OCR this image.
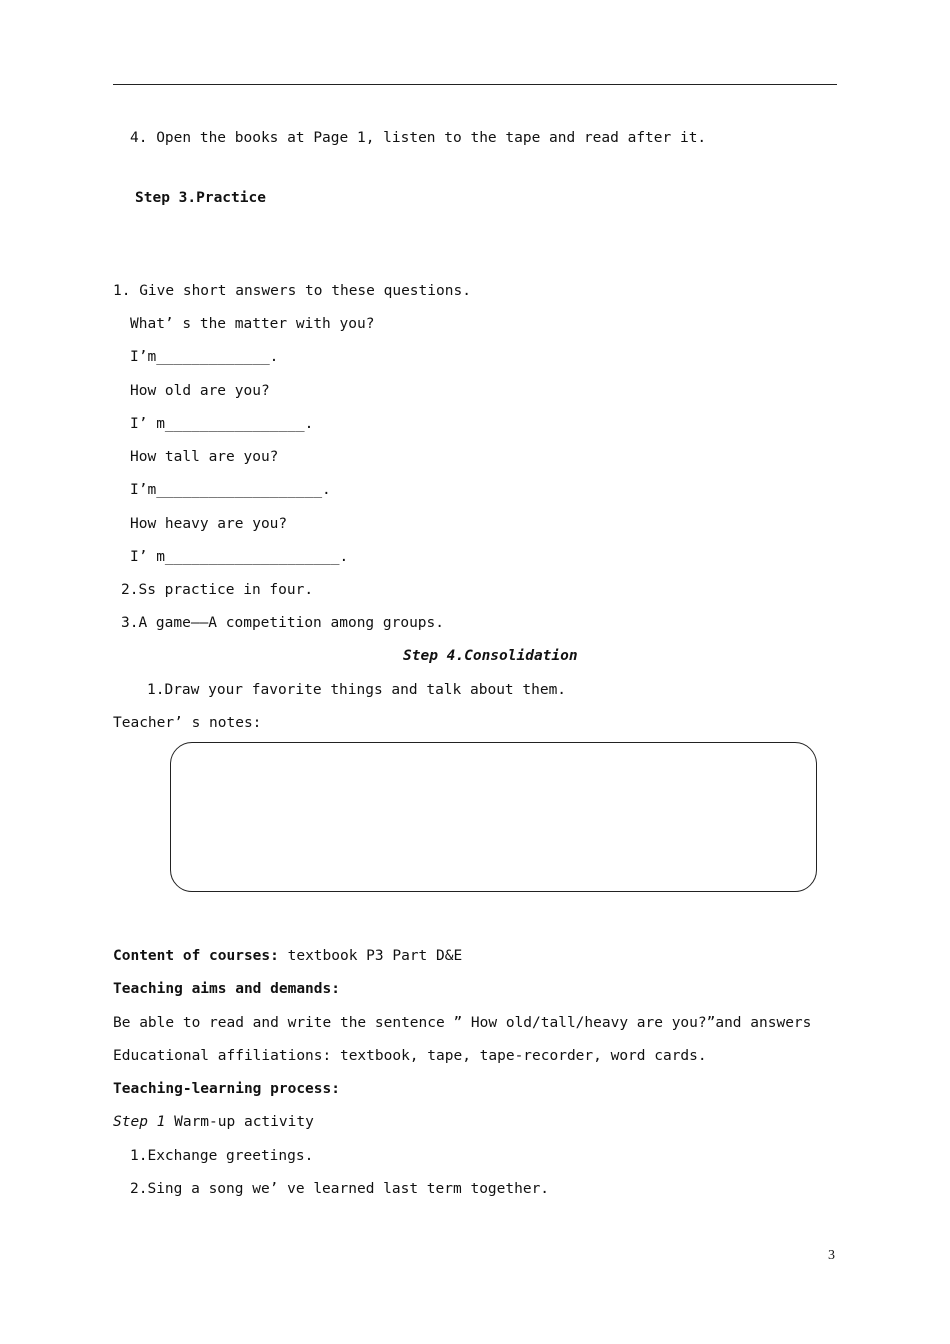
4. Open the books at Page 1, listen to the tape and read after it.
Step 3.Practice
1. Give short answers to these questions.
What’ s the matter with you?
I’m_____________.
How old are you?
I’ m________________.
How tall are you?
I’m___________________.
How heavy are you?
I’ m____________________.
2.Ss practice in four.
3.A game——A competition among groups.
Step 4.Consolidation
1.Draw your favorite things and talk about them.
Teacher’ s notes:
Content of courses: textbook P3 Part D&E
Teaching aims and demands:
Be able to read and write the sentence ” How old/tall/heavy are you?”and answers
Educational affiliations: textbook, tape, tape-recorder, word cards.
Teaching-learning process:
Step 1 Warm-up activity
1.Exchange greetings.
2.Sing a song we’ ve learned last term together.
3
